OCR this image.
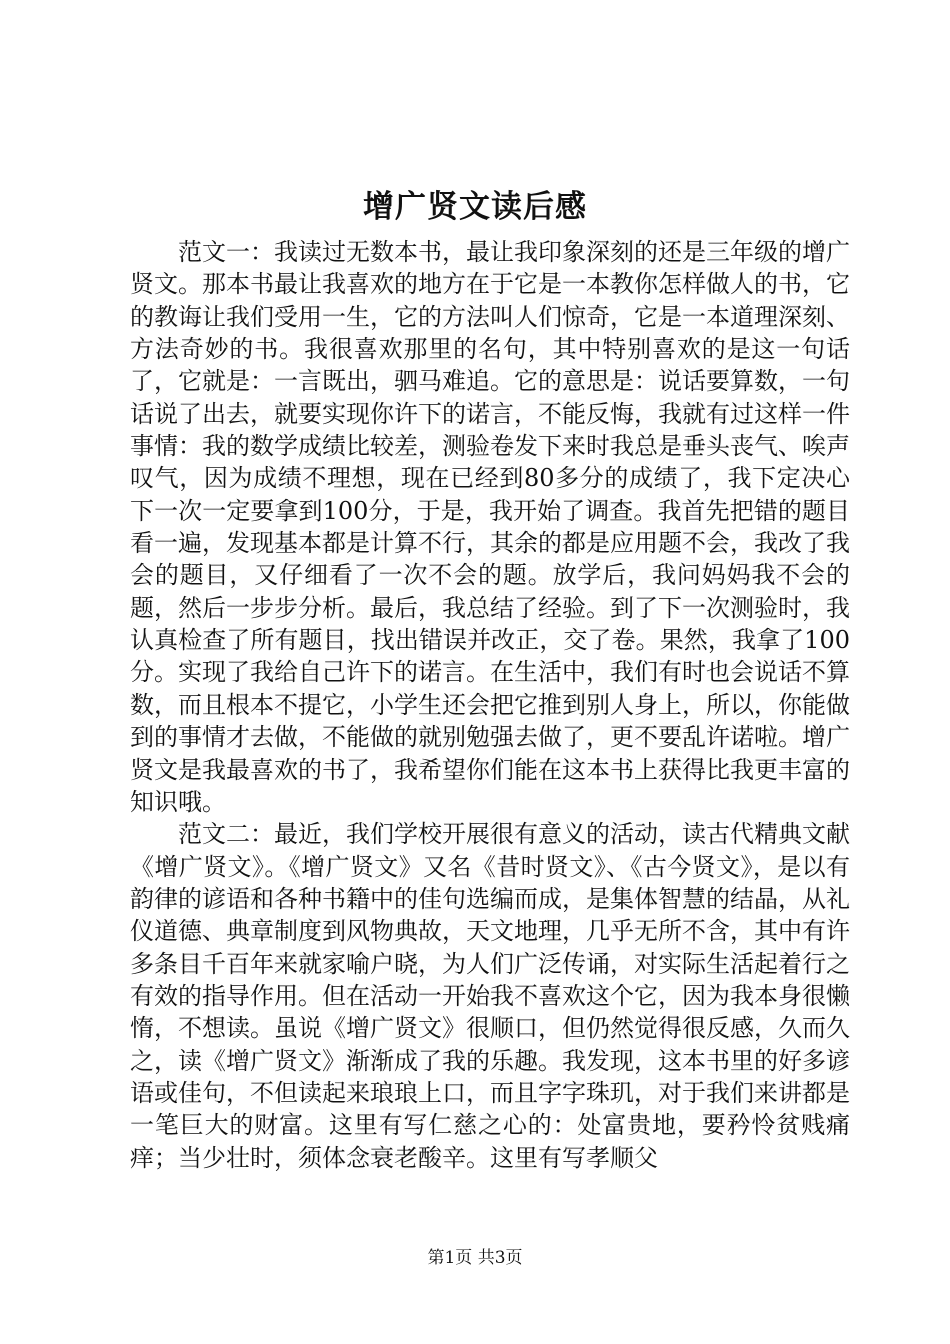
增广贤文读后感

范文一：我读过无数本书，最让我印象深刻的还是三年级的增广贤文。那本书最让我喜欢的地方在于它是一本教你怎样做人的书，它的教诲让我们受用一生，它的方法叫人们惊奇，它是一本道理深刻、方法奇妙的书。我很喜欢那里的名句，其中特别喜欢的是这一句话了，它就是：一言既出，驷马难追。它的意思是：说话要算数，一句话说了出去，就要实现你许下的诺言，不能反悔，我就有过这样一件事情：我的数学成绩比较差，测验卷发下来时我总是垂头丧气、唉声叹气，因为成绩不理想，现在已经到80多分的成绩了，我下定决心下一次一定要拿到100分，于是，我开始了调查。我首先把错的题目看一遍，发现基本都是计算不行，其余的都是应用题不会，我改了我会的题目，又仔细看了一次不会的题。放学后，我问妈妈我不会的题，然后一步步分析。最后，我总结了经验。到了下一次测验时，我认真检查了所有题目，找出错误并改正，交了卷。果然，我拿了100分。实现了我给自己许下的诺言。在生活中，我们有时也会说话不算数，而且根本不提它，小学生还会把它推到别人身上，所以，你能做到的事情才去做，不能做的就别勉强去做了，更不要乱许诺啦。增广贤文是我最喜欢的书了，我希望你们能在这本书上获得比我更丰富的知识哦。

范文二：最近，我们学校开展很有意义的活动，读古代精典文献《增广贤文》。《增广贤文》又名《昔时贤文》、《古今贤文》，是以有韵律的谚语和各种书籍中的佳句选编而成，是集体智慧的结晶，从礼仪道德、典章制度到风物典故，天文地理，几乎无所不含，其中有许多条目千百年来就家喻户晓，为人们广泛传诵，对实际生活起着行之有效的指导作用。但在活动一开始我不喜欢这个它，因为我本身很懒惰，不想读。虽说《增广贤文》很顺口，但仍然觉得很反感，久而久之，读《增广贤文》渐渐成了我的乐趣。我发现，这本书里的好多谚语或佳句，不但读起来琅琅上口，而且字字珠玑，对于我们来讲都是一笔巨大的财富。这里有写仁慈之心的：处富贵地，要矜怜贫贱痛痒；当少壮时，须体念衰老酸辛。这里有写孝顺父

第1页 共3页
